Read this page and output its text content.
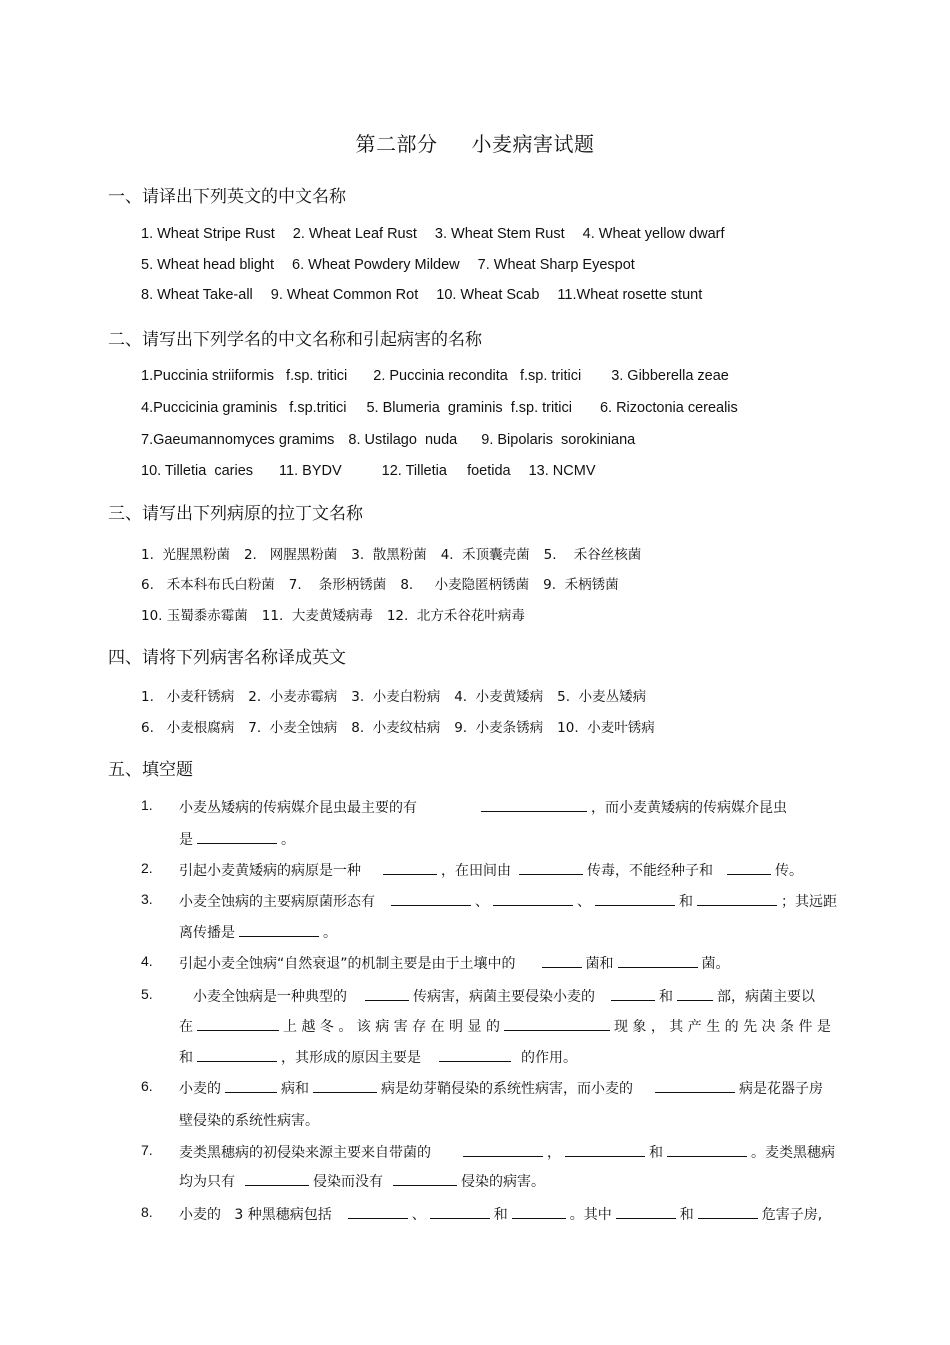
第二部分 小麦病害试题
一、请译出下列英文的中文名称
1. Wheat Stripe Rust 2. Wheat Leaf Rust 3. Wheat Stem Rust 4. Wheat yellow dwarf
5. Wheat head blight 6. Wheat Powdery Mildew 7. Wheat Sharp Eyespot
8. Wheat Take-all 9. Wheat Common Rot 10. Wheat Scab 11.Wheat rosette stunt
二、请写出下列学名的中文名称和引起病害的名称
1.Puccinia striiformis   f.sp. tritici 2. Puccinia recondita   f.sp. tritici 3. Gibberella zeae
4.Puccicinia graminis   f.sp.tritici 5. Blumeria  graminis  f.sp. tritici 6. Rizoctonia cerealis
7.Gaeumannomyces gramims 8. Ustilago  nuda 9. Bipolaris  sorokiniana
10. Tilletia  caries 11. BYDV	12. Tilletia     foetida 13. NCMV
三、请写出下列病原的拉丁文名称
1.  光腥黑粉菌 2.   网腥黑粉菌 3.  散黑粉菌 4.  禾顶囊壳菌 5.    禾谷丝核菌
6.   禾本科布氏白粉菌 7.    条形柄锈菌 8.     小麦隐匿柄锈菌 9.  禾柄锈菌
10. 玉蜀黍赤霉菌 11.  大麦黄矮病毒 12.  北方禾谷花叶病毒
四、请将下列病害名称译成英文
1.   小麦秆锈病 2.  小麦赤霉病 3.  小麦白粉病 4.  小麦黄矮病 5.  小麦丛矮病
6.   小麦根腐病 7.  小麦全蚀病 8.  小麦纹枯病 9.  小麦条锈病 10.  小麦叶锈病
五、填空题
1.	小麦丛矮病的传病媒介昆虫最主要的有	，而小麦黄矮病的传病媒介昆虫
是	。
2.	引起小麦黄矮病的病原是一种	，在田间由	传毒，不能经种子和	传。
3.	小麦全蚀病的主要病原菌形态有	、	、	和	；其远距
离传播是	。
4.	引起小麦全蚀病“自然衰退”的机制主要是由于土壤中的	菌和	菌。
5.	小麦全蚀病是一种典型的	传病害，病菌主要侵染小麦的	和	部，病菌主要以
在	上 越 冬 。 该 病 害 存 在 明 显 的	现 象 ， 其 产 生 的 先 决 条 件 是
和	，其形成的原因主要是	的作用。
6.	小麦的	病和	病是幼芽鞘侵染的系统性病害，而小麦的	病是花器子房
壁侵染的系统性病害。
7.	麦类黑穗病的初侵染来源主要来自带菌的	，	和	。麦类黑穗病
均为只有	侵染而没有	侵染的病害。
8.	小麦的   3 种黑穗病包括	、	和	。其中	和	危害子房,
